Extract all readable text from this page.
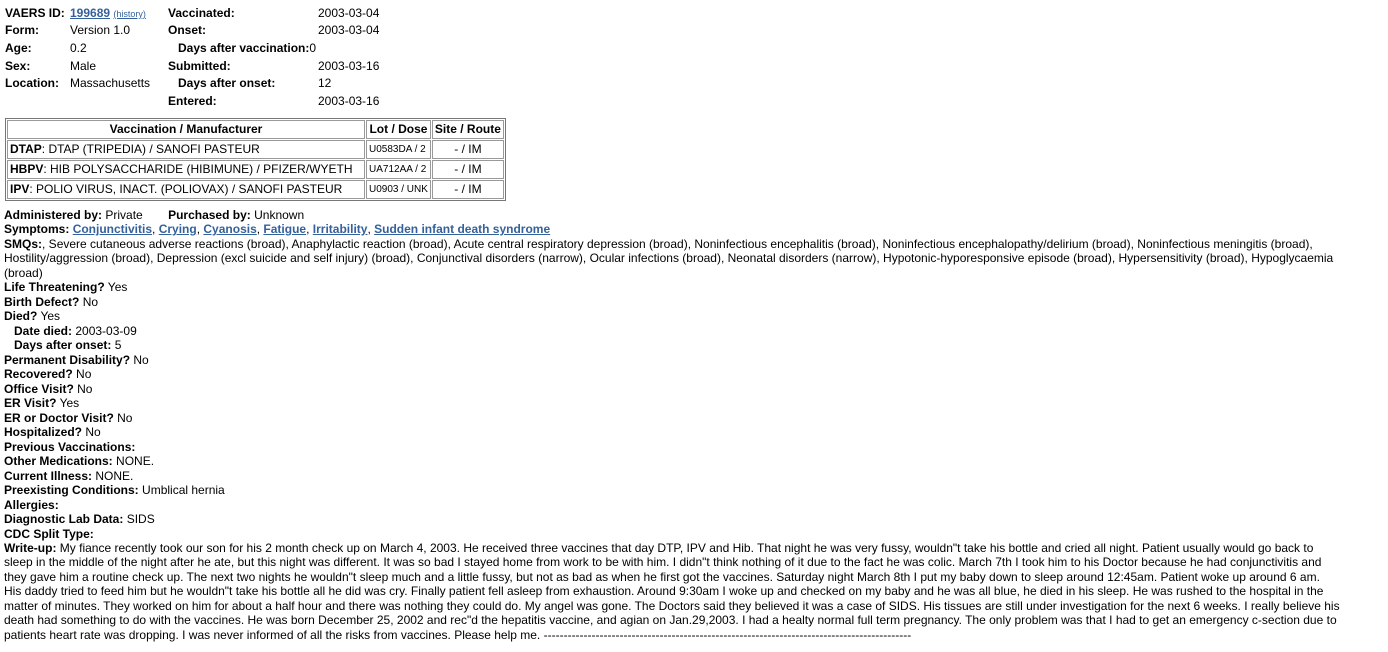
VAERS ID:	199689 (history)	Vaccinated:	2003-03-04
Form:	Version 1.0	Onset:	2003-03-04
Age:	0.2	Days after vaccination:0	
Sex:	Male	Submitted:	2003-03-16
Location:	Massachusetts	Days after onset:	12
		Entered:	2003-03-16
Vaccination / Manufacturer	Lot / Dose	Site / Route
DTAP: DTAP (TRIPEDIA) / SANOFI PASTEUR	U0583DA / 2	- / IM
HBPV: HIB POLYSACCHARIDE (HIBIMUNE) / PFIZER/WYETH	UA712AA / 2	- / IM
IPV: POLIO VIRUS, INACT. (POLIOVAX) / SANOFI PASTEUR	U0903 / UNK	- / IM
Administered by: Private Purchased by: Unknown
Symptoms: Conjunctivitis, Crying, Cyanosis, Fatigue, Irritability, Sudden infant death syndrome
SMQs:, Severe cutaneous adverse reactions (broad), Anaphylactic reaction (broad), Acute central respiratory depression (broad), Noninfectious encephalitis (broad), Noninfectious encephalopathy/delirium (broad), Noninfectious meningitis (broad),
Hostility/aggression (broad), Depression (excl suicide and self injury) (broad), Conjunctival disorders (narrow), Ocular infections (broad), Neonatal disorders (narrow), Hypotonic-hyporesponsive episode (broad), Hypersensitivity (broad), Hypoglycaemia
(broad)
Life Threatening? Yes
Birth Defect? No
Died? Yes
Date died: 2003-03-09
Days after onset: 5
Permanent Disability? No
Recovered? No
Office Visit? No
ER Visit? Yes
ER or Doctor Visit? No
Hospitalized? No
Previous Vaccinations:
Other Medications: NONE.
Current Illness: NONE.
Preexisting Conditions: Umblical hernia
Allergies:
Diagnostic Lab Data: SIDS
CDC Split Type:
Write-up: My fiance recently took our son for his 2 month check up on March 4, 2003. He received three vaccines that day DTP, IPV and Hib. That night he was very fussy, wouldn"t take his bottle and cried all night. Patient usually would go back to
sleep in the middle of the night after he ate, but this night was different. It was so bad I stayed home from work to be with him. I didn"t think nothing of it due to the fact he was colic. March 7th I took him to his Doctor because he had conjunctivitis and
they gave him a routine check up. The next two nights he wouldn"t sleep much and a little fussy, but not as bad as when he first got the vaccines. Saturday night March 8th I put my baby down to sleep around 12:45am. Patient woke up around 6 am.
His daddy tried to feed him but he wouldn"t take his bottle all he did was cry. Finally patient fell asleep from exhaustion. Around 9:30am I woke up and checked on my baby and he was all blue, he died in his sleep. He was rushed to the hospital in the
matter of minutes. They worked on him for about a half hour and there was nothing they could do. My angel was gone. The Doctors said they believed it was a case of SIDS. His tissues are still under investigation for the next 6 weeks. I really believe his
death had something to do with the vaccines. He was born December 25, 2002 and rec"d the hepatitis vaccine, and agian on Jan.29,2003. I had a healty normal full term pregnancy. The only problem was that I had to get an emergency c-section due to
patients heart rate was dropping. I was never informed of all the risks from vaccines. Please help me. --------------------------------------------------------------------------------------------
